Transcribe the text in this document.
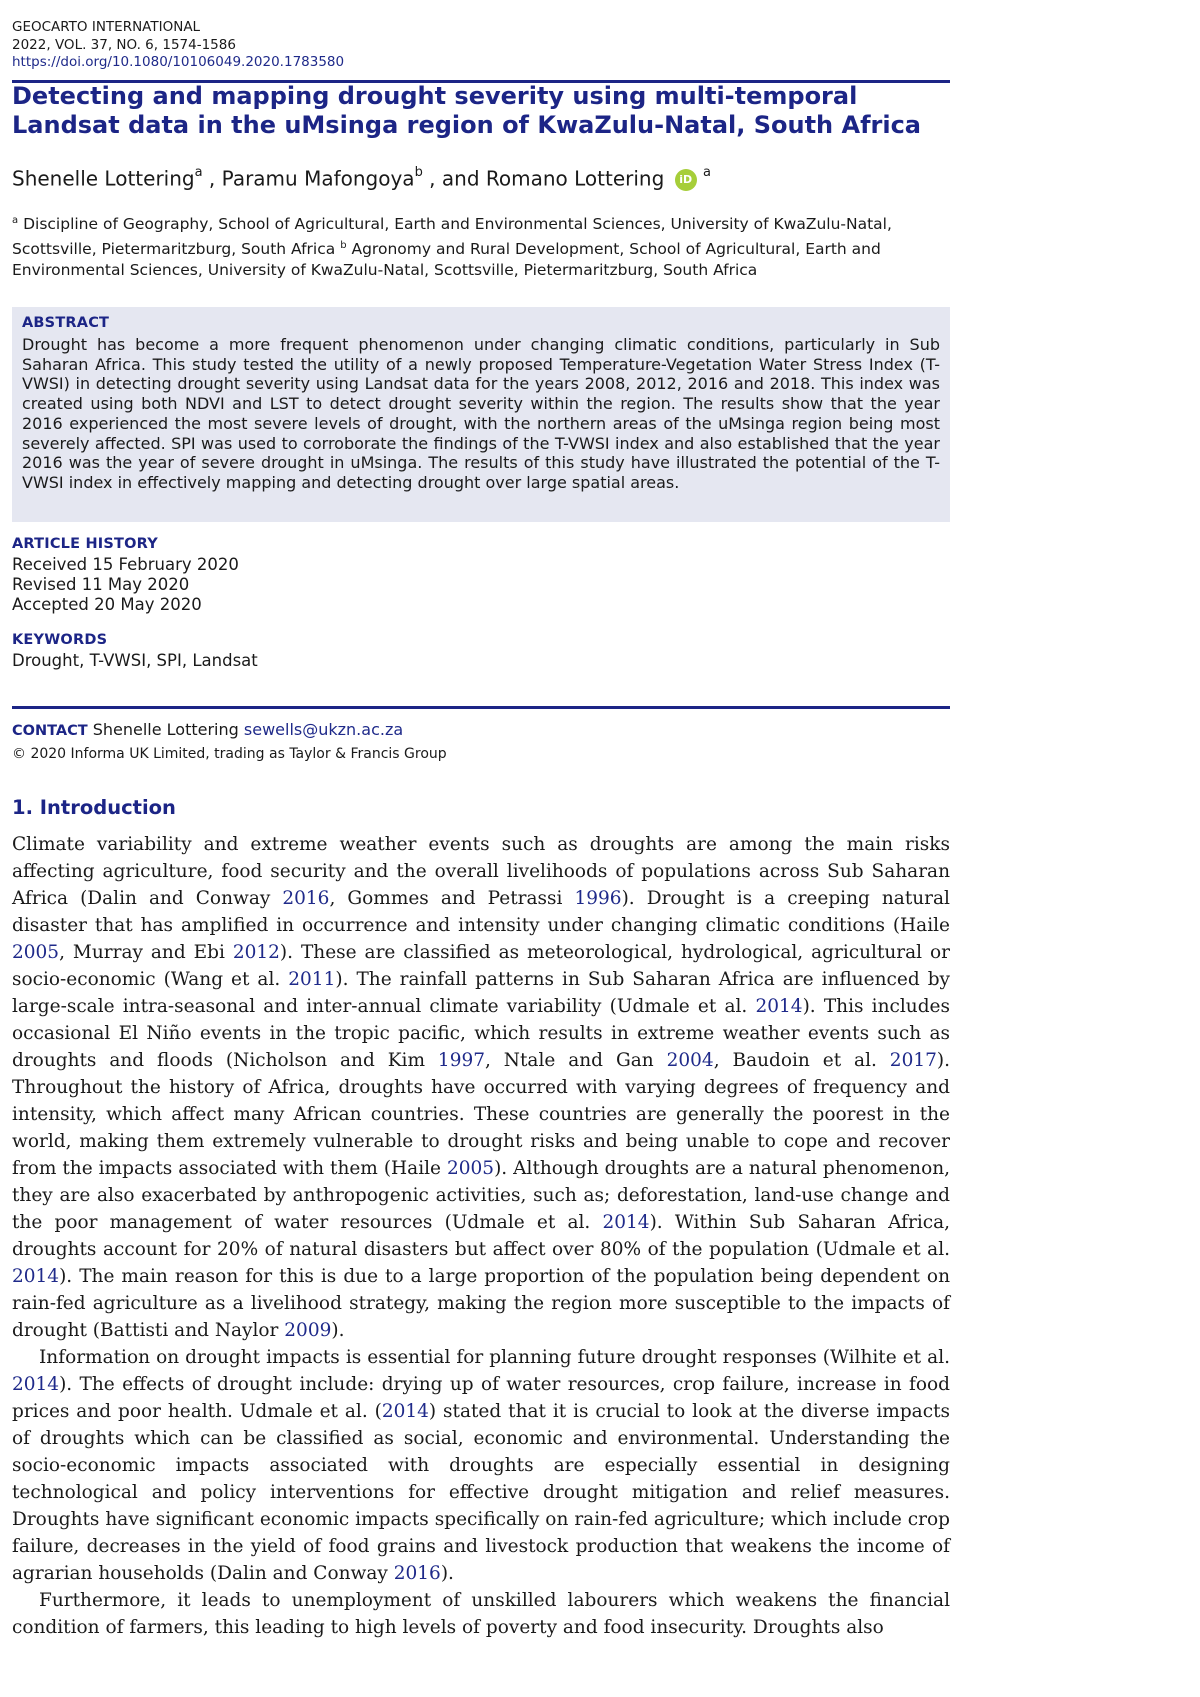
GEOCARTO INTERNATIONAL
2022, VOL. 37, NO. 6, 1574-1586
https://doi.org/10.1080/10106049.2020.1783580
Detecting and mapping drought severity using multi-temporal Landsat data in the uMsinga region of KwaZulu-Natal, South Africa
Shenelle Lottering$^a$ , Paramu Mafongoya$^b$ , and Romano Lottering iD $^a$
$^a$ Discipline of Geography, School of Agricultural, Earth and Environmental Sciences, University of KwaZulu-Natal, Scottsville, Pietermaritzburg, South Africa $^b$ Agronomy and Rural Development, School of Agricultural, Earth and Environmental Sciences, University of KwaZulu-Natal, Scottsville, Pietermaritzburg, South Africa
ABSTRACT
Drought has become a more frequent phenomenon under changing climatic conditions, particularly in Sub Saharan Africa. This study tested the utility of a newly proposed Temperature-Vegetation Water Stress Index (T-VWSI) in detecting drought severity using Landsat data for the years 2008, 2012, 2016 and 2018. This index was created using both NDVI and LST to detect drought severity within the region. The results show that the year 2016 experienced the most severe levels of drought, with the northern areas of the uMsinga region being most severely affected. SPI was used to corroborate the findings of the T-VWSI index and also established that the year 2016 was the year of severe drought in uMsinga. The results of this study have illustrated the potential of the T-VWSI index in effectively mapping and detecting drought over large spatial areas.
ARTICLE HISTORY
Received 15 February 2020
Revised 11 May 2020
Accepted 20 May 2020
KEYWORDS
Drought, T-VWSI, SPI, Landsat
CONTACT Shenelle Lottering sewells@ukzn.ac.za
© 2020 Informa UK Limited, trading as Taylor & Francis Group
1. Introduction

Climate variability and extreme weather events such as droughts are among the main risks affecting agriculture, food security and the overall livelihoods of populations across Sub Saharan Africa (Dalin and Conway 2016, Gommes and Petrassi 1996). Drought is a creeping natural disaster that has amplified in occurrence and intensity under changing climatic conditions (Haile 2005, Murray and Ebi 2012). These are classified as meteorological, hydrological, agricultural or socio-economic (Wang et al. 2011). The rainfall patterns in Sub Saharan Africa are influenced by large-scale intra-seasonal and inter-annual climate variability (Udmale et al. 2014). This includes occasional El Niño events in the tropic pacific, which results in extreme weather events such as droughts and floods (Nicholson and Kim 1997, Ntale and Gan 2004, Baudoin et al. 2017). Throughout the history of Africa, droughts have occurred with varying degrees of frequency and intensity, which affect many African countries. These countries are generally the poorest in the world, making them extremely vulnerable to drought risks and being unable to cope and recover from the impacts associated with them (Haile 2005). Although droughts are a natural phenomenon, they are also exacerbated by anthropogenic activities, such as; deforestation, land-use change and the poor management of water resources (Udmale et al. 2014). Within Sub Saharan Africa, droughts account for 20% of natural disasters but affect over 80% of the population (Udmale et al. 2014). The main reason for this is due to a large proportion of the population being dependent on rain-fed agriculture as a livelihood strategy, making the region more susceptible to the impacts of drought (Battisti and Naylor 2009).

Information on drought impacts is essential for planning future drought responses (Wilhite et al. 2014). The effects of drought include: drying up of water resources, crop failure, increase in food prices and poor health. Udmale et al. (2014) stated that it is crucial to look at the diverse impacts of droughts which can be classified as social, economic and environmental. Understanding the socio-economic impacts associated with droughts are especially essential in designing technological and policy interventions for effective drought mitigation and relief measures. Droughts have significant economic impacts specifically on rain-fed agriculture; which include crop failure, decreases in the yield of food grains and livestock production that weakens the income of agrarian households (Dalin and Conway 2016).

Furthermore, it leads to unemployment of unskilled labourers which weakens the financial condition of farmers, this leading to high levels of poverty and food insecurity. Droughts also
